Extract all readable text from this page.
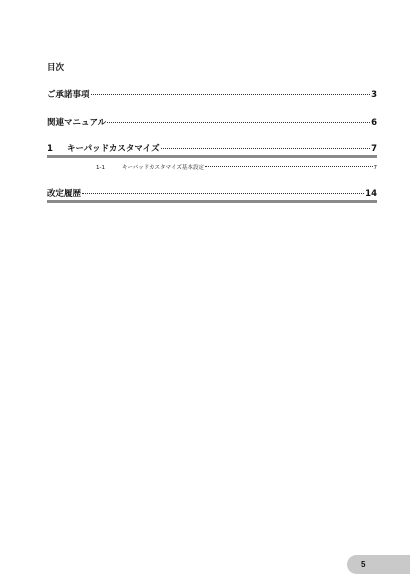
目次
ご承諾事項	3
関連マニュアル	6
1 キーパッドカスタマイズ	7
1-1	キーパッドカスタマイズ基本設定	7
改定履歴	14
5
